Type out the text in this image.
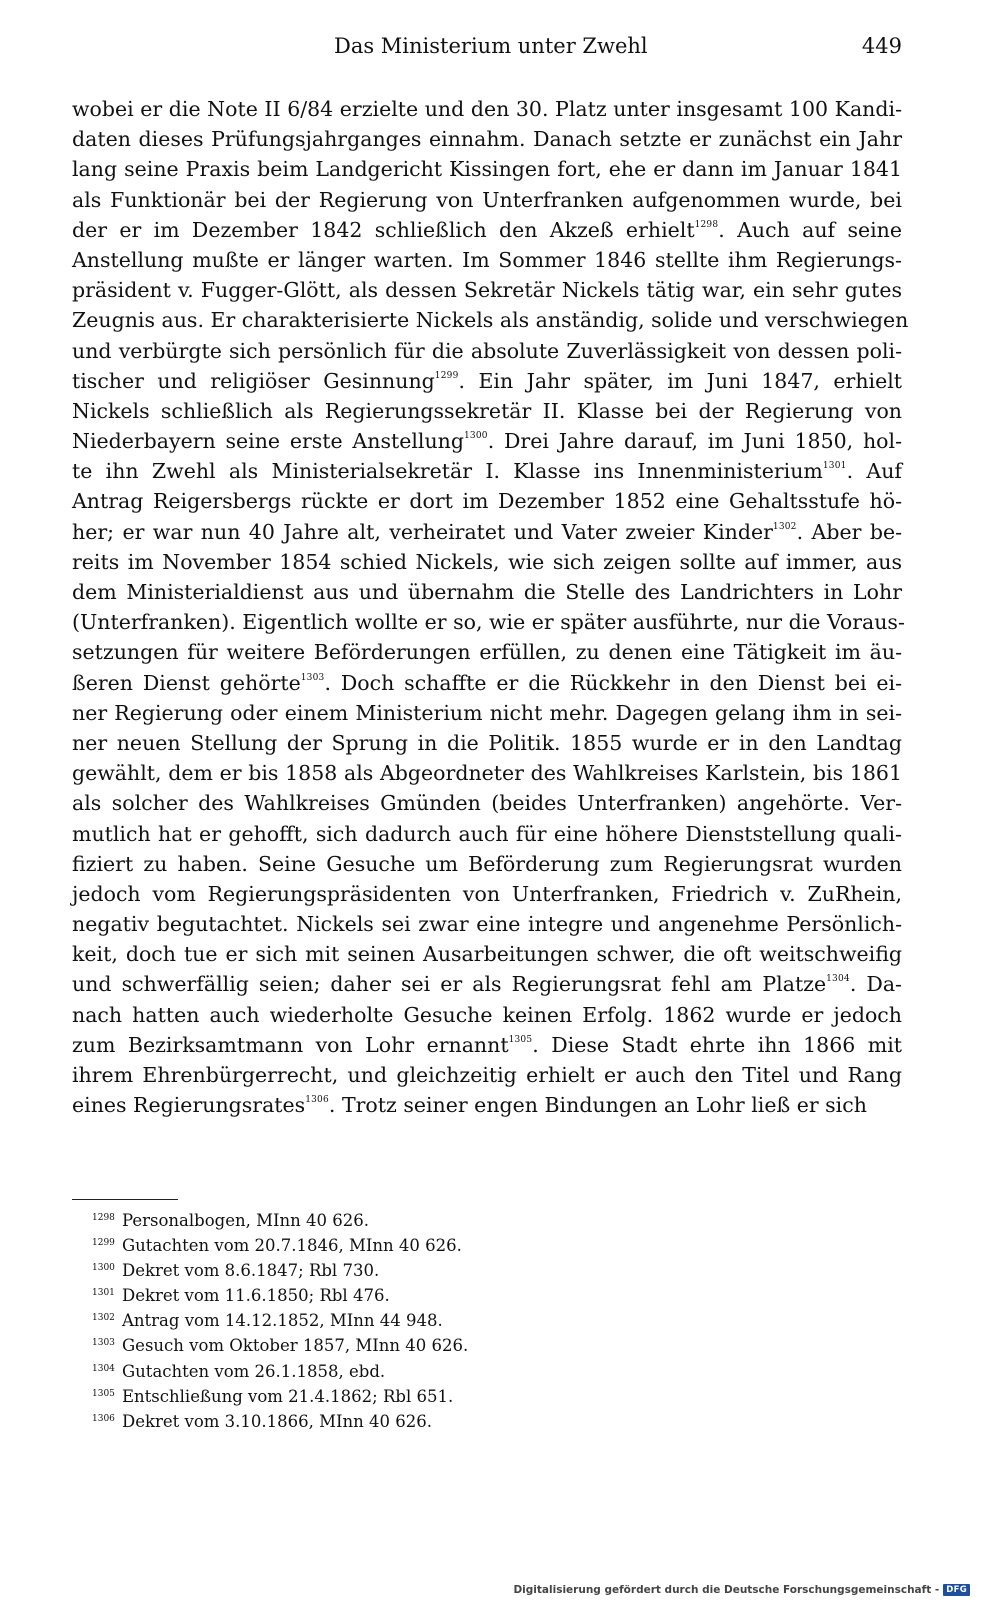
Das Ministerium unter Zwehl	449
wobei er die Note II 6/84 erzielte und den 30. Platz unter insgesamt 100 Kandi-
daten dieses Prüfungsjahrganges einnahm. Danach setzte er zunächst ein Jahr
lang seine Praxis beim Landgericht Kissingen fort, ehe er dann im Januar 1841
als Funktionär bei der Regierung von Unterfranken aufgenommen wurde, bei
der er im Dezember 1842 schließlich den Akzeß erhielt$^{1298}$. Auch auf seine
Anstellung mußte er länger warten. Im Sommer 1846 stellte ihm Regierungs-
präsident v. Fugger-Glött, als dessen Sekretär Nickels tätig war, ein sehr gutes
Zeugnis aus. Er charakterisierte Nickels als anständig, solide und verschwiegen
und verbürgte sich persönlich für die absolute Zuverlässigkeit von dessen poli-
tischer und religiöser Gesinnung$^{1299}$. Ein Jahr später, im Juni 1847, erhielt
Nickels schließlich als Regierungssekretär II. Klasse bei der Regierung von
Niederbayern seine erste Anstellung$^{1300}$. Drei Jahre darauf, im Juni 1850, hol-
te ihn Zwehl als Ministerialsekretär I. Klasse ins Innenministerium$^{1301}$. Auf
Antrag Reigersbergs rückte er dort im Dezember 1852 eine Gehaltsstufe hö-
her; er war nun 40 Jahre alt, verheiratet und Vater zweier Kinder$^{1302}$. Aber be-
reits im November 1854 schied Nickels, wie sich zeigen sollte auf immer, aus
dem Ministerialdienst aus und übernahm die Stelle des Landrichters in Lohr
(Unterfranken). Eigentlich wollte er so, wie er später ausführte, nur die Voraus-
setzungen für weitere Beförderungen erfüllen, zu denen eine Tätigkeit im äu-
ßeren Dienst gehörte$^{1303}$. Doch schaffte er die Rückkehr in den Dienst bei ei-
ner Regierung oder einem Ministerium nicht mehr. Dagegen gelang ihm in sei-
ner neuen Stellung der Sprung in die Politik. 1855 wurde er in den Landtag
gewählt, dem er bis 1858 als Abgeordneter des Wahlkreises Karlstein, bis 1861
als solcher des Wahlkreises Gmünden (beides Unterfranken) angehörte. Ver-
mutlich hat er gehofft, sich dadurch auch für eine höhere Dienststellung quali-
fiziert zu haben. Seine Gesuche um Beförderung zum Regierungsrat wurden
jedoch vom Regierungspräsidenten von Unterfranken, Friedrich v. ZuRhein,
negativ begutachtet. Nickels sei zwar eine integre und angenehme Persönlich-
keit, doch tue er sich mit seinen Ausarbeitungen schwer, die oft weitschweifig
und schwerfällig seien; daher sei er als Regierungsrat fehl am Platze$^{1304}$. Da-
nach hatten auch wiederholte Gesuche keinen Erfolg. 1862 wurde er jedoch
zum Bezirksamtmann von Lohr ernannt$^{1305}$. Diese Stadt ehrte ihn 1866 mit
ihrem Ehrenbürgerrecht, und gleichzeitig erhielt er auch den Titel und Rang
eines Regierungsrates$^{1306}$. Trotz seiner engen Bindungen an Lohr ließ er sich
1298 Personalbogen, MInn 40 626.
1299 Gutachten vom 20.7.1846, MInn 40 626.
1300 Dekret vom 8.6.1847; Rbl 730.
1301 Dekret vom 11.6.1850; Rbl 476.
1302 Antrag vom 14.12.1852, MInn 44 948.
1303 Gesuch vom Oktober 1857, MInn 40 626.
1304 Gutachten vom 26.1.1858, ebd.
1305 Entschließung vom 21.4.1862; Rbl 651.
1306 Dekret vom 3.10.1866, MInn 40 626.
Digitalisierung gefördert durch die Deutsche Forschungsgemeinschaft - DFG
